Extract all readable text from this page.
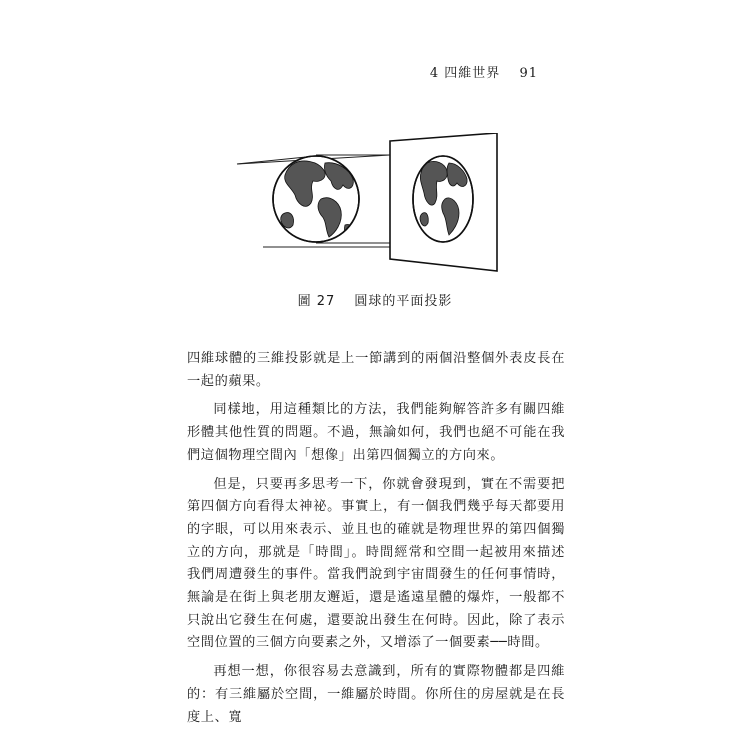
4 四維世界 91
圖 27 圓球的平面投影

四維球體的三維投影就是上一節講到的兩個沿整個外表皮長在一起的蘋果。

同樣地，用這種類比的方法，我們能夠解答許多有關四維形體其他性質的問題。不過，無論如何，我們也絕不可能在我們這個物理空間內「想像」出第四個獨立的方向來。

但是，只要再多思考一下，你就會發現到，實在不需要把第四個方向看得太神祕。事實上，有一個我們幾乎每天都要用的字眼，可以用來表示、並且也的確就是物理世界的第四個獨立的方向，那就是「時間」。時間經常和空間一起被用來描述我們周遭發生的事件。當我們說到宇宙間發生的任何事情時，無論是在街上與老朋友邂逅，還是遙遠星體的爆炸，一般都不只說出它發生在何處，還要說出發生在何時。因此，除了表示空間位置的三個方向要素之外，又增添了一個要素──時間。

再想一想，你很容易去意識到，所有的實際物體都是四維的：有三維屬於空間，一維屬於時間。你所住的房屋就是在長度上、寬
